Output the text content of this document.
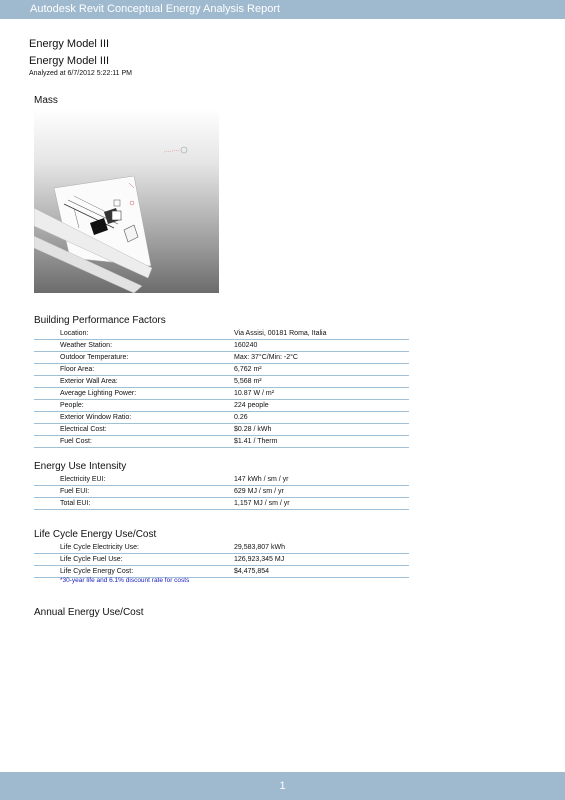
Autodesk Revit Conceptual Energy Analysis Report
Energy Model III
Energy Model III
Analyzed at 6/7/2012 5:22:11 PM
Mass
Building Performance Factors
Location:	Via Assisi, 00181 Roma, Italia
Weather Station:	160240
Outdoor Temperature:	Max: 37°C/Min: -2°C
Floor Area:	6,762 m²
Exterior Wall Area:	5,568 m²
Average Lighting Power:	10.87 W / m²
People:	224 people
Exterior Window Ratio:	0.26
Electrical Cost:	$0.28 / kWh
Fuel Cost:	$1.41 / Therm
Energy Use Intensity
Electricity EUI:	147 kWh / sm / yr
Fuel EUI:	629 MJ / sm / yr
Total EUI:	1,157 MJ / sm / yr
Life Cycle Energy Use/Cost
Life Cycle Electricity Use:	29,583,807 kWh
Life Cycle Fuel Use:	126,923,345 MJ
Life Cycle Energy Cost:	$4,475,854
*30-year life and 6.1% discount rate for costs
Annual Energy Use/Cost
1
